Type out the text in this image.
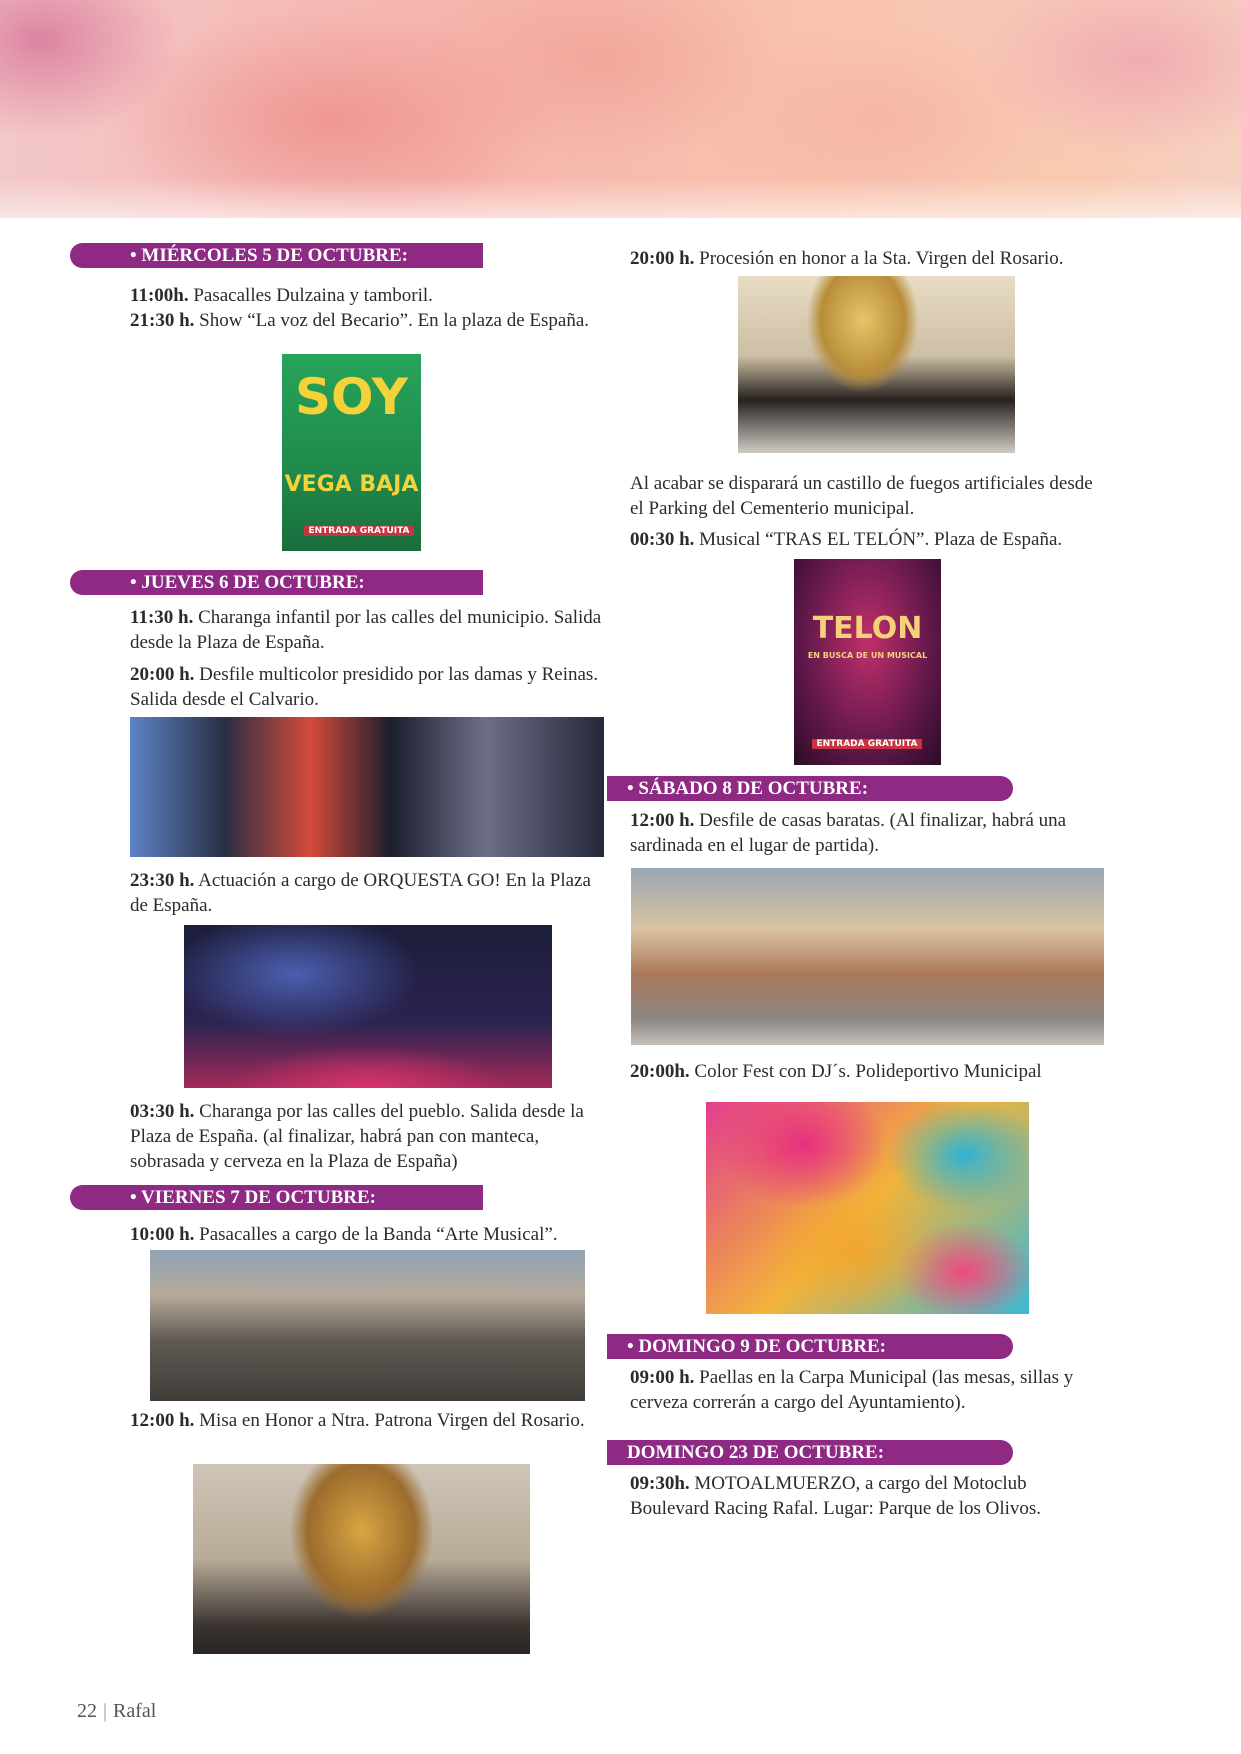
• MIÉRCOLES 5 DE OCTUBRE:

11:00h. Pasacalles Dulzaina y tamboril.

21:30 h. Show “La voz del Becario”. En la plaza de España.

SOY
VEGA BAJA
ENTRADA GRATUITA
• JUEVES 6 DE OCTUBRE:

11:30 h. Charanga infantil por las calles del municipio. Salida desde la Plaza de España.

20:00 h. Desfile multicolor presidido por las damas y Reinas. Salida desde el Calvario.

23:30 h. Actuación a cargo de ORQUESTA GO! En la Plaza de España.

03:30 h. Charanga por las calles del pueblo. Salida desde la Plaza de España. (al finalizar, habrá pan con manteca, sobrasada y cerveza en la Plaza de España)

• VIERNES 7 DE OCTUBRE:

10:00 h. Pasacalles a cargo de la Banda “Arte Musical”.

12:00 h. Misa en Honor a Ntra. Patrona Virgen del Rosario.

20:00 h. Procesión en honor a la Sta. Virgen del Rosario.

Al acabar se disparará un castillo de fuegos artificiales desde el Parking del Cementerio municipal.

00:30 h. Musical “TRAS EL TELÓN”. Plaza de España.

TELON
EN BUSCA DE UN MUSICAL
ENTRADA GRATUITA
• SÁBADO 8 DE OCTUBRE:

12:00 h. Desfile de casas baratas. (Al finalizar, habrá una sardinada en el lugar de partida).

20:00h. Color Fest con DJ´s. Polideportivo Municipal

• DOMINGO 9 DE OCTUBRE:

09:00 h. Paellas en la Carpa Municipal (las mesas, sillas y cerveza correrán a cargo del Ayuntamiento).

DOMINGO 23 DE OCTUBRE:

09:30h. MOTOALMUERZO, a cargo del Motoclub Boulevard Racing Rafal. Lugar: Parque de los Olivos.

22 | Rafal
